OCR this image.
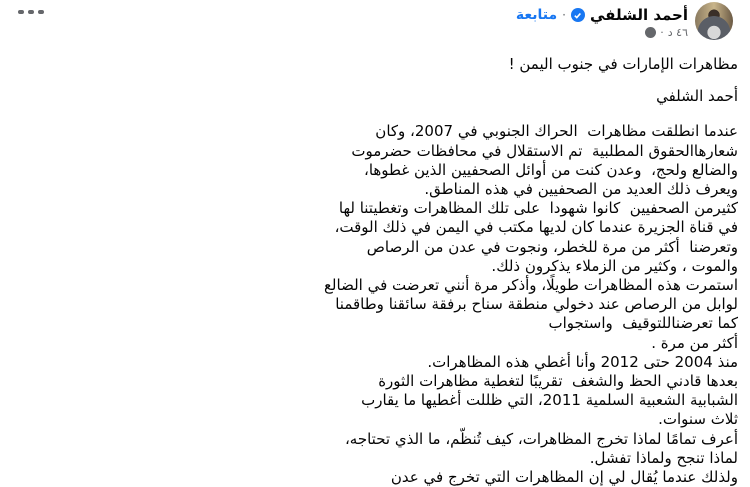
أحمد الشلفي
·
متابعة
٤٦ د
·

مظاهرات الإمارات في جنوب اليمن !

أحمد الشلفي

عندما انطلقت مظاهرات  الحراك الجنوبي في 2007، وكان

شعارهاالحقوق المطلبية  تم الاستقلال في محافظات حضرموت

والضالع ولحج،  وعدن كنت من أوائل الصحفيين الذين غطوها،

ويعرف ذلك العديد من الصحفيين في هذه المناطق.

كثيرمن الصحفيين  كانوا شهودا  على تلك المظاهرات وتغطيتنا لها

في قناة الجزيرة عندما كان لديها مكتب في اليمن في ذلك الوقت،

وتعرضنا  أكثر من مرة للخطر، ونجوت في عدن من الرصاص

والموت ، وكثير من الزملاء يذكرون ذلك.

استمرت هذه المظاهرات طويلًا، وأذكر مرة أنني تعرضت في الضالع

لوابل من الرصاص عند دخولي منطقة سناح برفقة سائقنا وطاقمنا

كما تعرضناللتوقيف  واستجواب

أكثر من مرة .

منذ 2004 حتى 2012 وأنا أغطي هذه المظاهرات.

بعدها قادني الحظ والشغف  تقريبًا لتغطية مظاهرات الثورة

الشبابية الشعبية السلمية 2011، التي ظللت أغطيها ما يقارب

ثلاث سنوات.

أعرف تمامًا لماذا تخرج المظاهرات، كيف تُنظّم، ما الذي تحتاجه،

لماذا تنجح ولماذا تفشل.

ولذلك عندما يُقال لي إن المظاهرات التي تخرج في عدن
